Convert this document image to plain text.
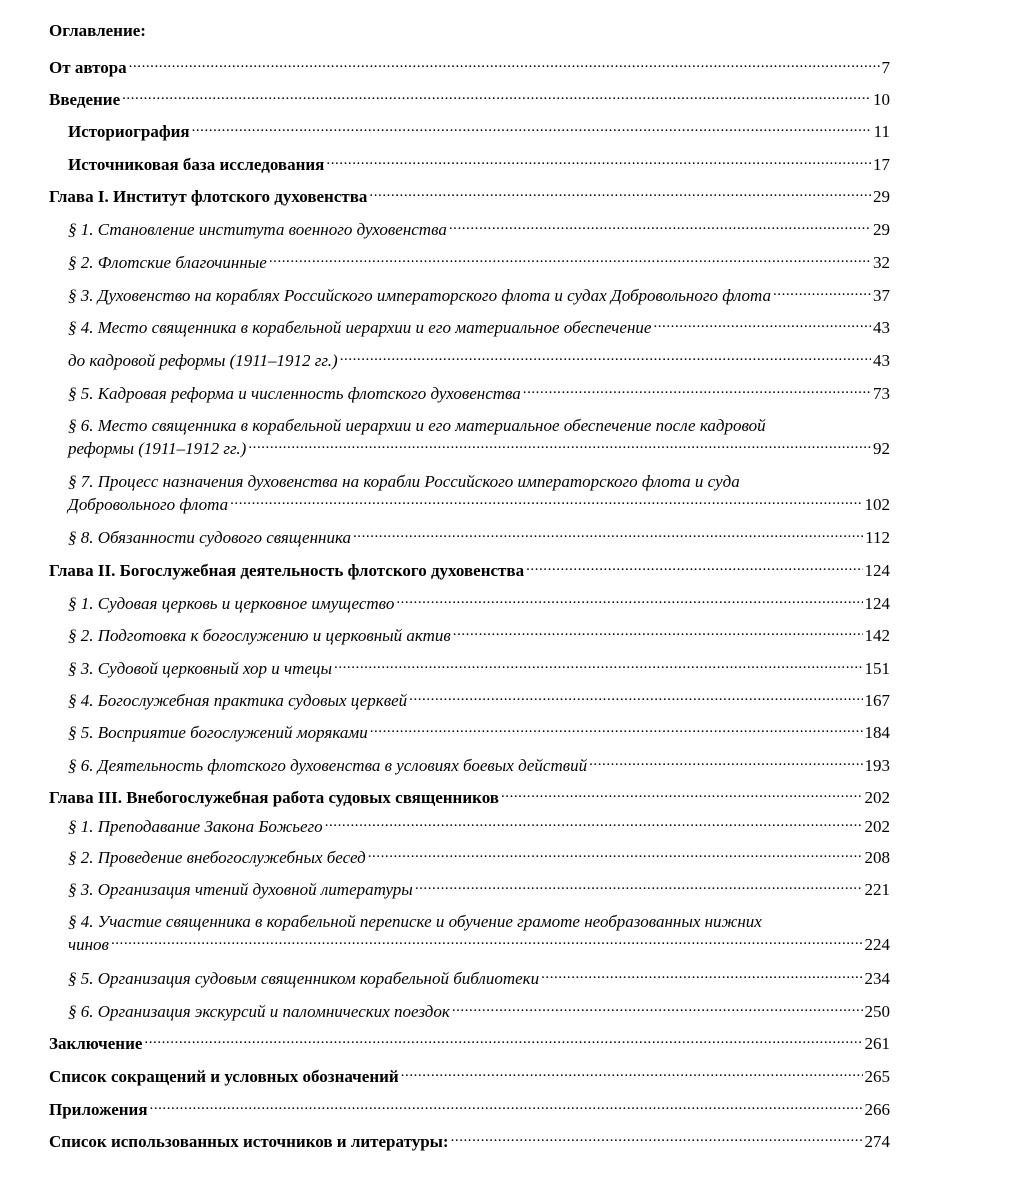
Оглавление:
От автора . . .	7
Введение . . .	10
Историография . . .	11
Источниковая база исследования . . .	17
Глава I. Институт флотского духовенства . . .	29
§ 1. Становление института военного духовенства . . .	29
§ 2. Флотские благочинные . . .	32
§ 3. Духовенство на кораблях Российского императорского флота и судах Добровольного флота . . .	37
§ 4. Место священника в корабельной иерархии и его материальное обеспечение . . .	43
до кадровой реформы (1911–1912 гг.) . . .	43
§ 5. Кадровая реформа и численность флотского духовенства . . .	73
§ 6. Место священника в корабельной иерархии и его материальное обеспечение после кадровой
реформы (1911–1912 гг.) . . .	92
§ 7. Процесс назначения духовенства на корабли Российского императорского флота и суда
Добровольного флота . . .	102
§ 8. Обязанности судового священника . . .	112
Глава II. Богослужебная деятельность флотского духовенства . . .	124
§ 1. Судовая церковь и церковное имущество . . .	124
§ 2. Подготовка к богослужению и церковный актив . . .	142
§ 3. Судовой церковный хор и чтецы . . .	151
§ 4. Богослужебная практика судовых церквей . . .	167
§ 5. Восприятие богослужений моряками . . .	184
§ 6. Деятельность флотского духовенства в условиях боевых действий . . .	193
Глава III. Внебогослужебная работа судовых священников . . .	202
§ 1. Преподавание Закона Божьего . . .	202
§ 2. Проведение внебогослужебных бесед . . .	208
§ 3. Организация чтений духовной литературы . . .	221
§ 4. Участие священника в корабельной переписке и обучение грамоте необразованных нижних
чинов . . .	224
§ 5. Организация судовым священником корабельной библиотеки . . .	234
§ 6. Организация экскурсий и паломнических поездок . . .	250
Заключение . . .	261
Список сокращений и условных обозначений . . .	265
Приложения . . .	266
Список использованных источников и литературы: . . .	274
